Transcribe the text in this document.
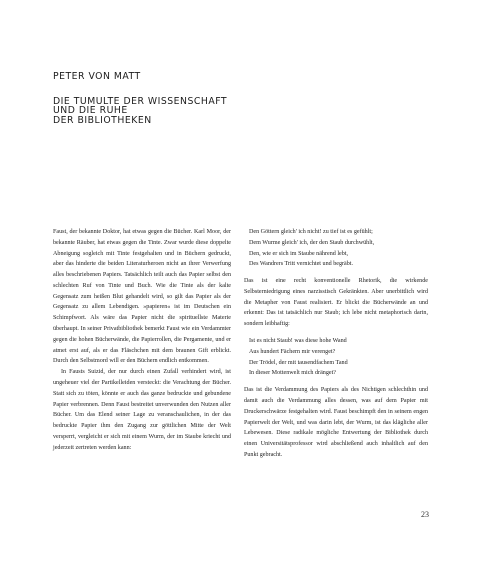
PETER VON MATT
DIE TUMULTE DER WISSENSCHAFT
UND DIE RUHE
DER BIBLIOTHEKEN

Faust, der bekannte Doktor, hat etwas gegen die Bücher. Karl Moor, der bekannte Räuber, hat etwas gegen die Tinte. Zwar wurde diese doppelte Abneigung sogleich mit Tinte festgehalten und in Büchern gedruckt, aber das hinderte die beiden Literaturheroen nicht an ihrer Verwerfung alles beschriebenen Papiers. Tatsächlich teilt auch das Papier selbst den schlechten Ruf von Tinte und Buch. Wie die Tinte als der kalte Gegensatz zum heißen Blut gehandelt wird, so gilt das Papier als der Gegensatz zu allem Lebendigen. »papieren« ist im Deutschen ein Schimpfwort. Als wäre das Papier nicht die spirituellste Materie überhaupt. In seiner Privatbibliothek bemerkt Faust wie ein Verdammter gegen die hohen Bücherwände, die Papierrollen, die Pergamente, und er atmet erst auf, als er das Fläschchen mit dem braunen Gift erblickt. Durch den Selbstmord will er den Büchern endlich entkommen.

In Fausts Suizid, der nur durch einen Zufall verhindert wird, ist ungeheuer viel der Partikelleiden versteckt: die Verachtung der Bücher. Statt sich zu töten, könnte er auch das ganze bedruckte und gebundene Papier verbrennen. Denn Faust bestreitet unverwunden den Nutzen aller Bücher. Um das Elend seiner Lage zu veranschaulichen, in der das bedruckte Papier ihm den Zugang zur göttlichen Mitte der Welt versperrt, vergleicht er sich mit einem Wurm, der im Staube kriecht und jederzeit zertreten werden kann:

Den Göttern gleich' ich nicht! zu tief ist es gefühlt;
Dem Wurme gleich' ich, der den Staub durchwühlt,
Den, wie er sich im Staube nährend lebt,
Des Wandrers Tritt vernichtet und begräbt.

Das ist eine recht konventionelle Rhetorik, die wirkende Selbsterniedrigung eines narzisstisch Gekränkten. Aber unerbittlich wird die Metapher von Faust realisiert. Er blickt die Bücherwände an und erkennt: Das ist tatsächlich nur Staub; ich lebe nicht metaphorisch darin, sondern leibhaftig:

Ist es nicht Staub! was diese hohe Wand
Aus hundert Fächern mir verenget?
Der Trödel, der mit tausendfachem Tand
In dieser Mottenwelt mich dränget?

Das ist die Verdammung des Papiers als des Nichtigen schlechthin und damit auch die Verdammung alles dessen, was auf dem Papier mit Druckerschwärze festgehalten wird. Faust beschimpft den in seinem engen Papierwelt der Welt, und was darin lebt, der Wurm, ist das klägliche aller Lebewesen. Diese radikale mögliche Entwertung der Bibliothek durch einen Universitätsprofessor wird abschließend auch inhaltlich auf den Punkt gebracht.

23
